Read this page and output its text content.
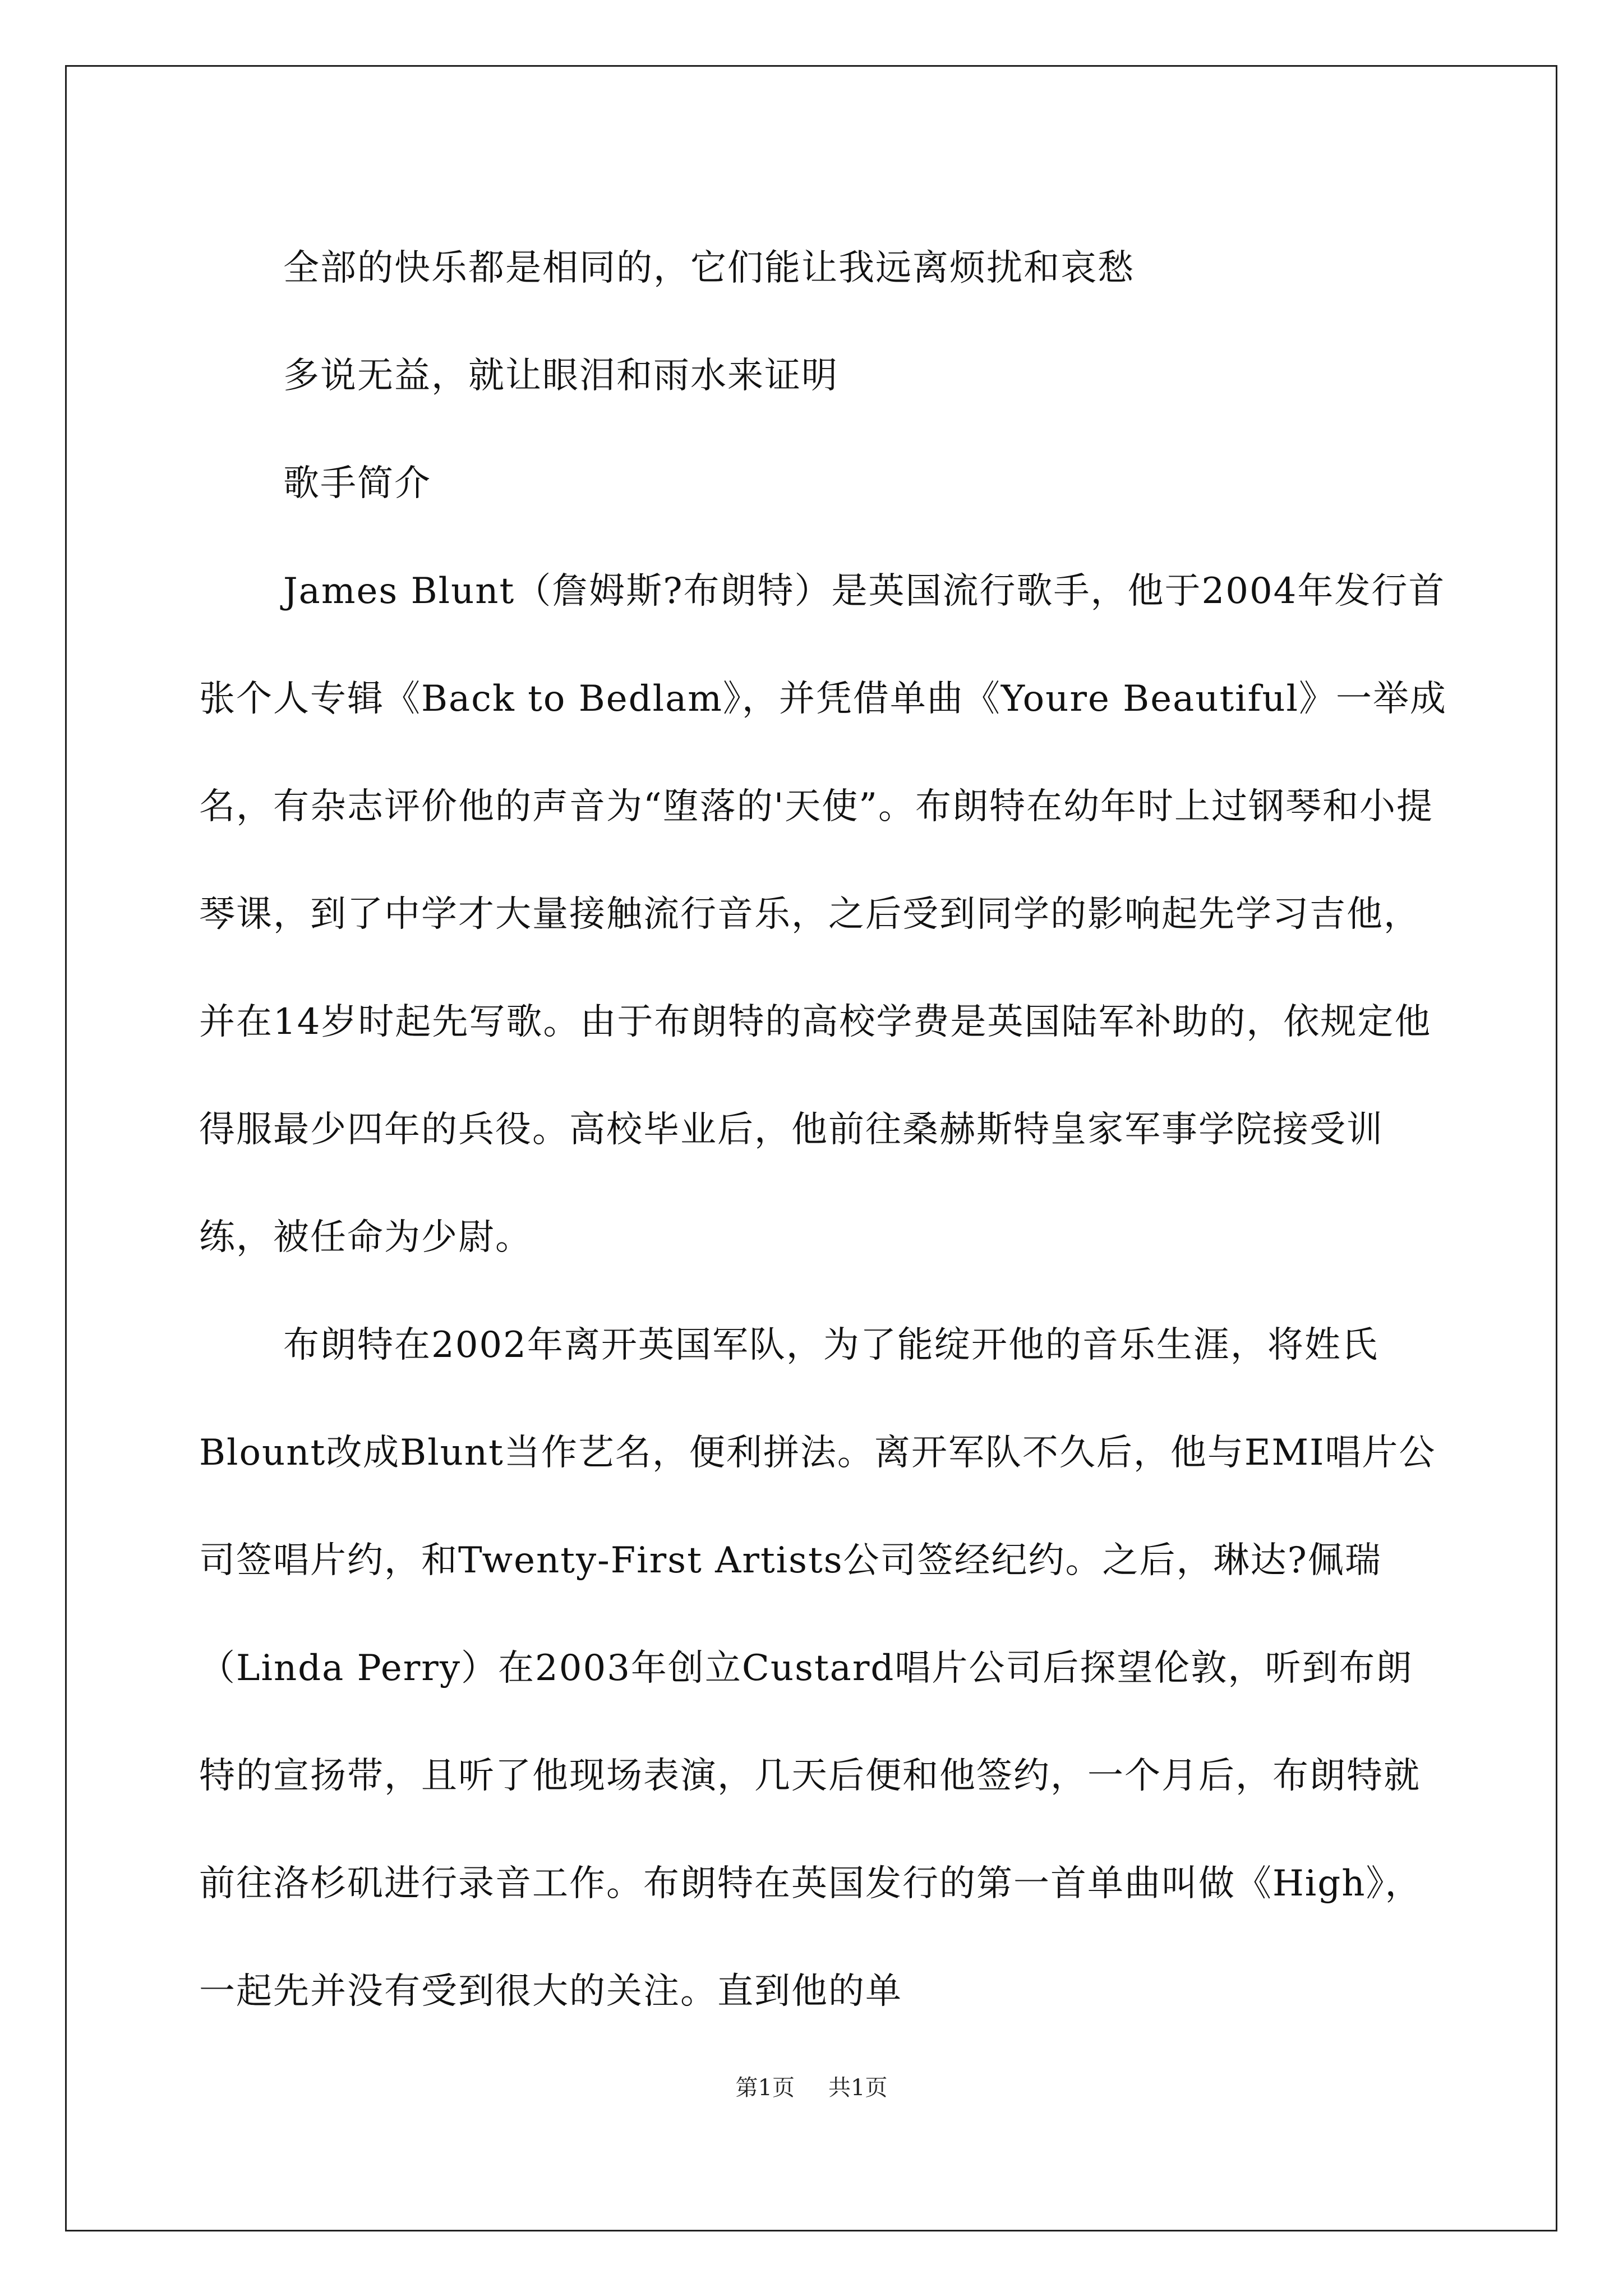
全部的快乐都是相同的，它们能让我远离烦扰和哀愁

多说无益，就让眼泪和雨水来证明

歌手简介

James Blunt（詹姆斯?布朗特）是英国流行歌手，他于2004年发行首张个人专辑《Back to Bedlam》，并凭借单曲《Youre Beautiful》一举成名，有杂志评价他的声音为“堕落的'天使”。布朗特在幼年时上过钢琴和小提琴课，到了中学才大量接触流行音乐，之后受到同学的影响起先学习吉他，并在14岁时起先写歌。由于布朗特的高校学费是英国陆军补助的，依规定他得服最少四年的兵役。高校毕业后，他前往桑赫斯特皇家军事学院接受训练，被任命为少尉。

布朗特在2002年离开英国军队，为了能绽开他的音乐生涯，将姓氏Blount改成Blunt当作艺名，便利拼法。离开军队不久后，他与EMI唱片公司签唱片约，和Twenty-First Artists公司签经纪约。之后，琳达?佩瑞（Linda Perry）在2003年创立Custard唱片公司后探望伦敦，听到布朗特的宣扬带，且听了他现场表演，几天后便和他签约，一个月后，布朗特就前往洛杉矶进行录音工作。布朗特在英国发行的第一首单曲叫做《High》，一起先并没有受到很大的关注。直到他的单

第1页 共1页
